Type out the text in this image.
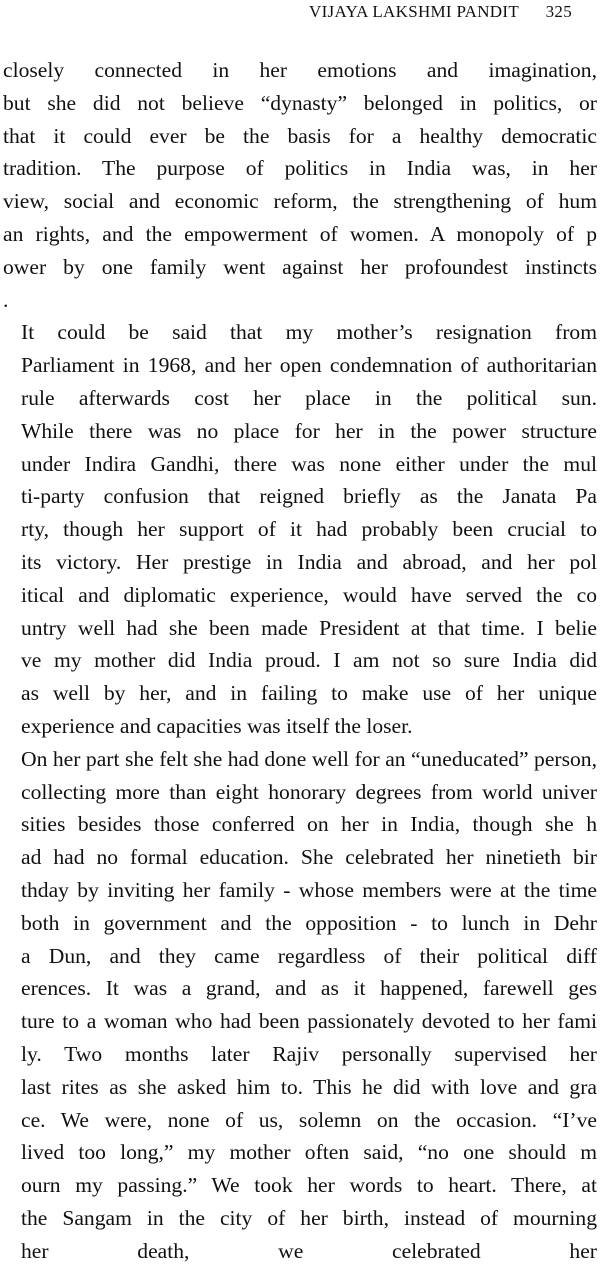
VIJAYA LAKSHMI PANDIT 325

closely connected in her emotions and imagination,
but she did not believe “dynasty” belonged in politics, or
that it could ever be the basis for a healthy democratic
tradition. The purpose of politics in India was, in her
view, social and economic reform, the strengthening of hum
an rights, and the empowerment of women. A monopoly of p
ower by one family went against her profoundest instincts
.

It could be said that my mother’s resignation from
Parliament in 1968, and her open condemnation of authoritarian
rule afterwards cost her place in the political sun.
While there was no place for her in the power structure
under Indira Gandhi, there was none either under the mul
ti-party confusion that reigned briefly as the Janata Pa
rty, though her support of it had probably been crucial to
its victory. Her prestige in India and abroad, and her pol
itical and diplomatic experience, would have served the co
untry well had she been made President at that time. I belie
ve my mother did India proud. I am not so sure India did
as well by her, and in failing to make use of her unique
experience and capacities was itself the loser.

On her part she felt she had done well for an “uneducated” person,
collecting more than eight honorary degrees from world univer
sities besides those conferred on her in India, though she h
ad had no formal education. She celebrated her ninetieth bir
thday by inviting her family - whose members were at the time
both in government and the opposition - to lunch in Dehr
a Dun, and they came regardless of their political diff
erences. It was a grand, and as it happened, farewell ges
ture to a woman who had been passionately devoted to her fami
ly. Two months later Rajiv personally supervised her
last rites as she asked him to. This he did with love and gra
ce. We were, none of us, solemn on the occasion. “I’ve
lived too long,” my mother often said, “no one should m
ourn my passing.” We took her words to heart. There, at
the Sangam in the city of her birth, instead of mourning
her death, we celebrated her
